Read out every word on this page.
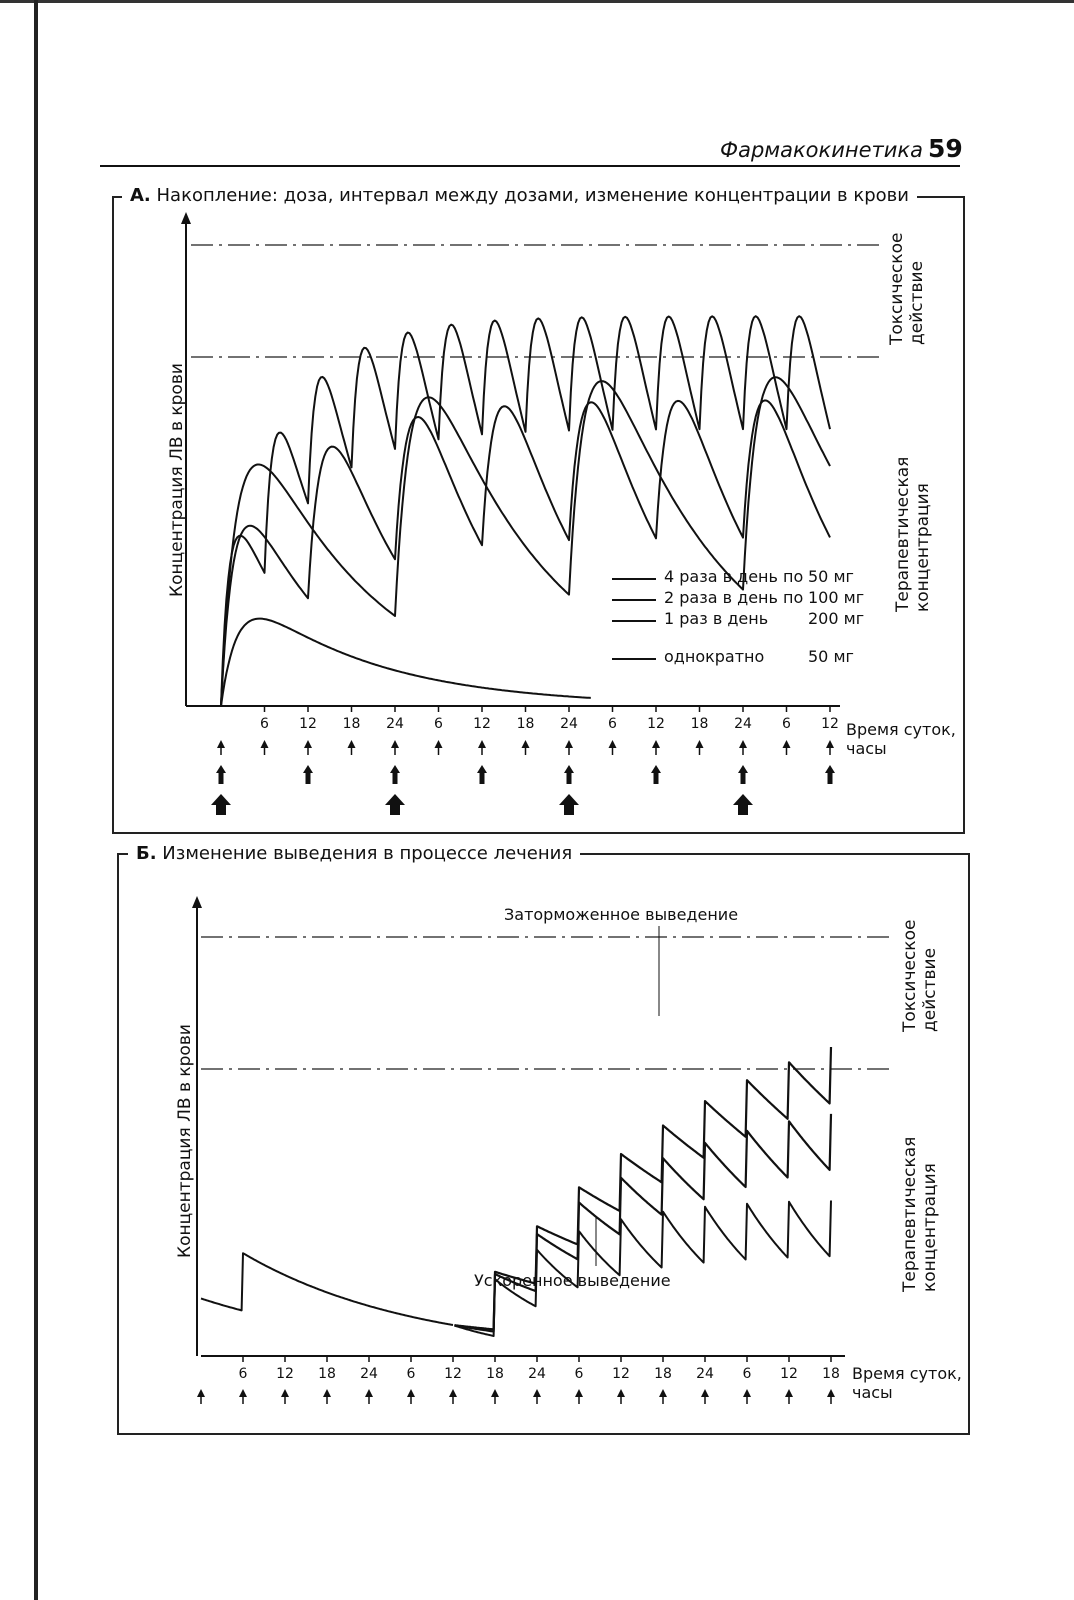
Фармакокинетика 59
А. Накопление: доза, интервал между дозами, изменение концентрации в крови
Б. Изменение выведения в процессе лечения
Концентрация ЛВ в крови
Токсическое действие
Терапевтическая концентрация
Время суток,
часы
4 раза в день по 50 мг
2 раза в день по 100 мг
1 раз в день 200 мг
однократно	50 мг
Концентрация ЛВ в крови
Токсическое действие
Терапевтическая концентрация
Заторможенное выведение
Ускоренное выведение
Время суток,
часы
6	12	18	24	6	12	18	24	6	12	18	24	6	12
6	12	18	24	6	12	18	24	6	12	18	24	6	12	18
